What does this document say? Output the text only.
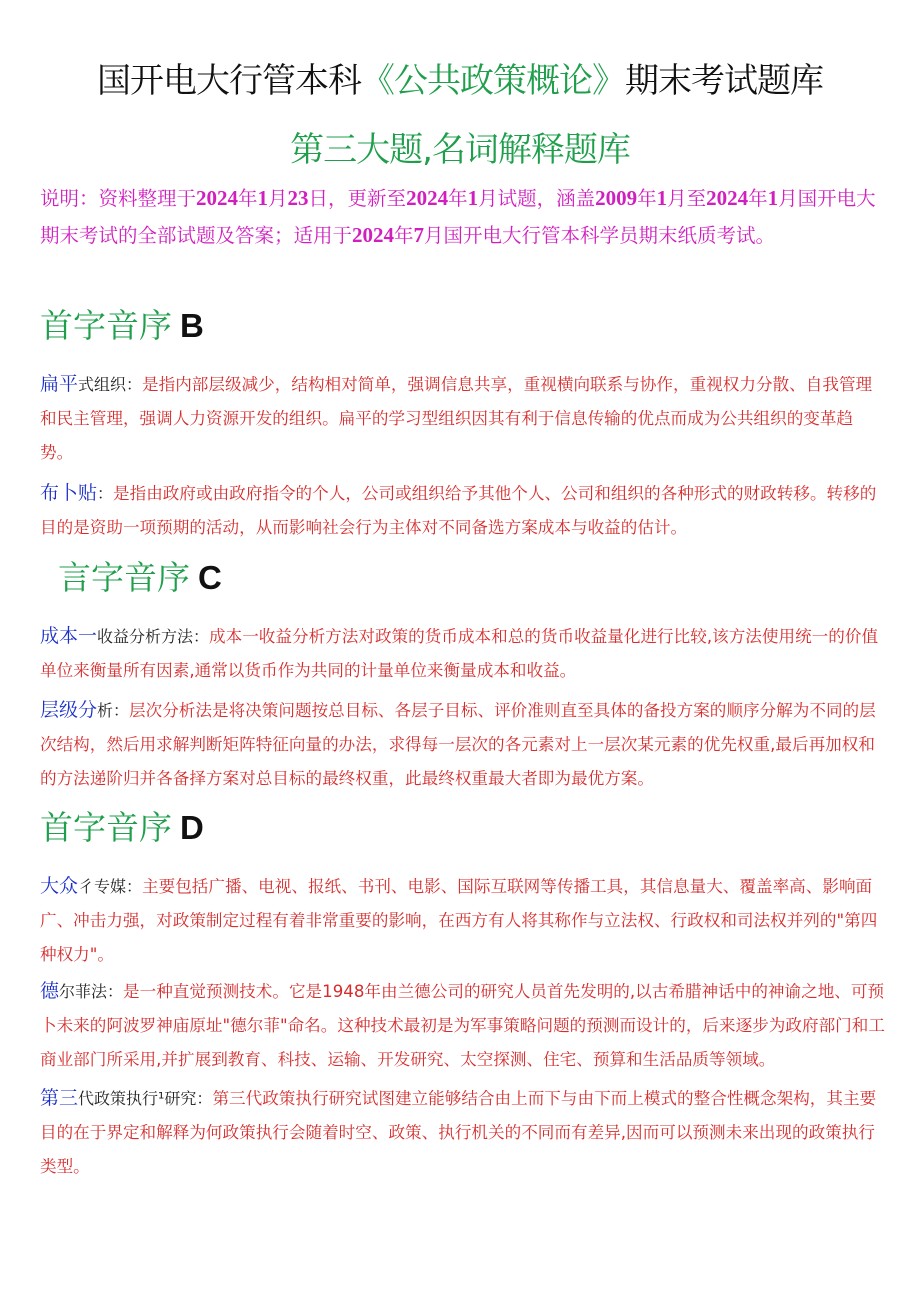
国开电大行管本科《公共政策概论》期末考试题库
第三大题,名词解释题库
说明：资料整理于2024年1月23日，更新至2024年1月试题，涵盖2009年1月至2024年1月国开电大期末考试的全部试题及答案；适用于2024年7月国开电大行管本科学员期末纸质考试。
首字音序 B
扁平式组织：是指内部层级减少，结构相对简单，强调信息共享，重视横向联系与协作，重视权力分散、自我管理和民主管理，强调人力资源开发的组织。扁平的学习型组织因其有利于信息传输的优点而成为公共组织的变革趋势。
布卜贴：是指由政府或由政府指令的个人，公司或组织给予其他个人、公司和组织的各种形式的财政转移。转移的目的是资助一项预期的活动，从而影响社会行为主体对不同备选方案成本与收益的估计。
言字音序 C
成本一收益分析方法：成本一收益分析方法对政策的货币成本和总的货币收益量化进行比较,该方法使用统一的价值单位来衡量所有因素,通常以货币作为共同的计量单位来衡量成本和收益。
层级分析：层次分析法是将决策问题按总目标、各层子目标、评价准则直至具体的备投方案的顺序分解为不同的层次结构，然后用求解判断矩阵特征向量的办法，求得每一层次的各元素对上一层次某元素的优先权重,最后再加权和的方法递阶归并各备择方案对总目标的最终权重，此最终权重最大者即为最优方案。
首字音序 D
大众彳专媒：主要包括广播、电视、报纸、书刊、电影、国际互联网等传播工具，其信息量大、覆盖率高、影响面广、冲击力强，对政策制定过程有着非常重要的影响，在西方有人将其称作与立法权、行政权和司法权并列的"第四种权力"。
德尔菲法：是一种直觉预测技术。它是1948年由兰德公司的研究人员首先发明的,以古希腊神话中的神谕之地、可预卜未来的阿波罗神庙原址"德尔菲"命名。这种技术最初是为军事策略问题的预测而设计的，后来逐步为政府部门和工商业部门所采用,并扩展到教育、科技、运输、开发研究、太空探测、住宅、预算和生活品质等领域。
第三代政策执行¹研究：第三代政策执行研究试图建立能够结合由上而下与由下而上模式的整合性概念架构，其主要目的在于界定和解释为何政策执行会随着时空、政策、执行机关的不同而有差异,因而可以预测未来出现的政策执行类型。
